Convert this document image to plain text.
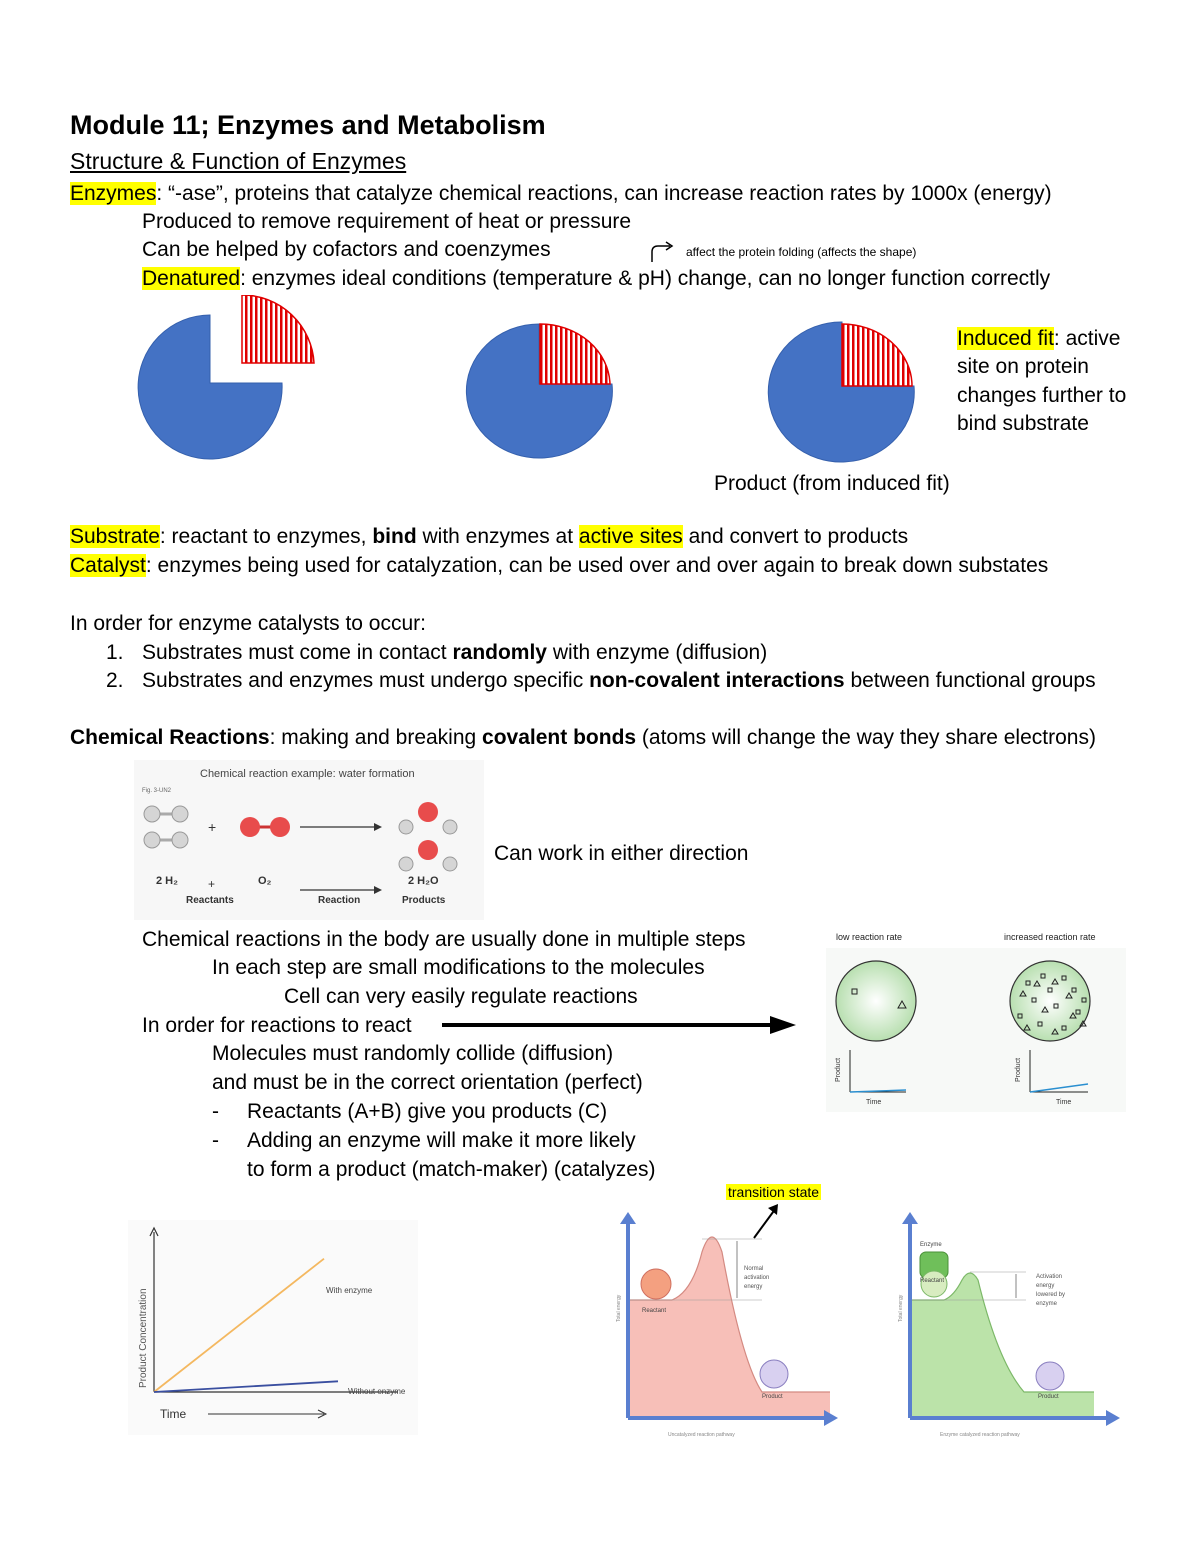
Module 11; Enzymes and Metabolism
Structure & Function of Enzymes
Enzymes: “-ase”, proteins that catalyze chemical reactions, can increase reaction rates by 1000x (energy)
Produced to remove requirement of heat or pressure
Can be helped by cofactors and coenzymes	affect the protein folding (affects the shape)
Denatured: enzymes ideal conditions (temperature & pH) change, can no longer function correctly
Induced fit: active
site on protein
changes further to
bind substrate
Product (from induced fit)
Substrate: reactant to enzymes, bind with enzymes at active sites and convert to products
Catalyst: enzymes being used for catalyzation, can be used over and over again to break down substates
In order for enzyme catalysts to occur:
1. Substrates must come in contact randomly with enzyme (diffusion)
2. Substrates and enzymes must undergo specific non-covalent interactions between functional groups
Chemical Reactions: making and breaking covalent bonds (atoms will change the way they share electrons)
Chemical reaction example: water formation
Fig. 3-UN2
+
2 H₂ +	O₂	2 H₂O
Reactants	Reaction	Products
Can work in either direction
Chemical reactions in the body are usually done in multiple steps
In each step are small modifications to the molecules
Cell can very easily regulate reactions
In order for reactions to react
Molecules must randomly collide (diffusion)
and must be in the correct orientation (perfect)
- Reactants (A+B) give you products (C)
- Adding an enzyme will make it more likely
to form a product (match-maker) (catalyzes)
low reaction rate	increased reaction rate
Product
Time
Product
Time
Product Concentration
Time
With enzyme
Without enzyme
transition state
Reactant
Product
Normal
activation
energy
Total energy
Uncatalyzed reaction pathway
Enzyme
Reactant
Product
Activation
energy
lowered by
enzyme
Total energy
Enzyme catalyzed reaction pathway
